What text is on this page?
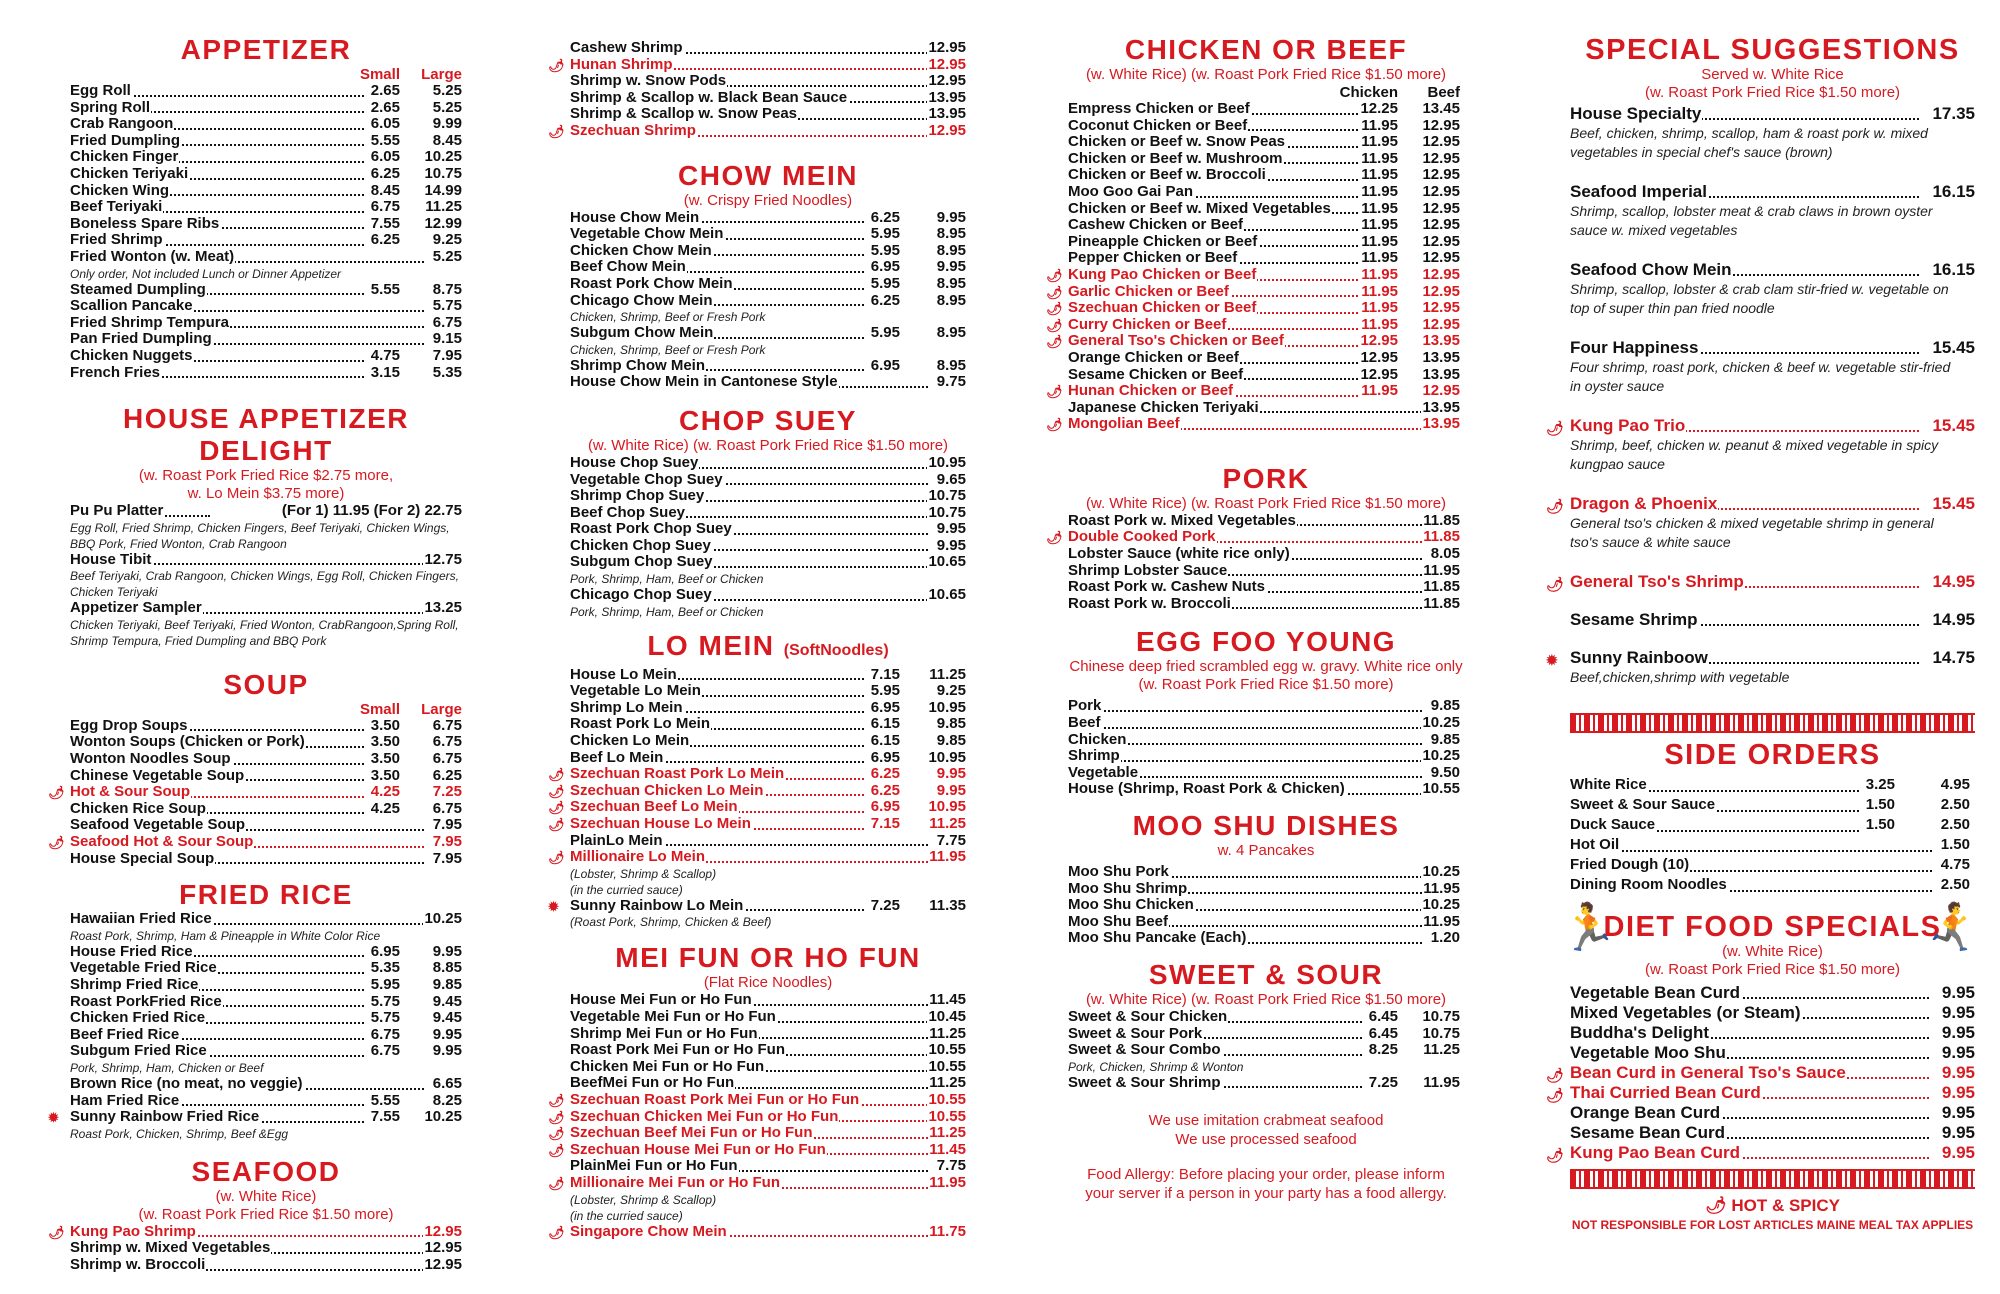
APPETIZER
Small Large
Egg Roll	2.65 5.25
Spring Roll	2.65 5.25
Crab Rangoon	6.05 9.99
Fried Dumpling	5.55 8.45
Chicken Finger	6.05 10.25
Chicken Teriyaki	6.25 10.75
Chicken Wing	8.45 14.99
Beef Teriyaki	6.75 11.25
Boneless Spare Ribs	7.55 12.99
Fried Shrimp	6.25 9.25
Fried Wonton (w. Meat)	5.25
Only order, Not included Lunch or Dinner Appetizer
Steamed Dumpling	5.55 8.75
Scallion Pancake	5.75
Fried Shrimp Tempura	6.75
Pan Fried Dumpling	9.15
Chicken Nuggets	4.75 7.95
French Fries	3.15 5.35
HOUSE APPETIZER DELIGHT
(w. Roast Pork Fried Rice $2.75 more,
w. Lo Mein $3.75 more)
Pu Pu Platter	(For 1) 11.95 (For 2) 22.75
Egg Roll, Fried Shrimp, Chicken Fingers, Beef Teriyaki, Chicken Wings, BBQ Pork, Fried Wonton, Crab Rangoon
House Tibit	12.75
Beef Teriyaki, Crab Rangoon, Chicken Wings, Egg Roll, Chicken Fingers, Chicken Teriyaki
Appetizer Sampler	13.25
Chicken Teriyaki, Beef Teriyaki, Fried Wonton, CrabRangoon,Spring Roll, Shrimp Tempura, Fried Dumpling and BBQ Pork
SOUP
Small Large
Egg Drop Soups	3.50 6.75
Wonton Soups (Chicken or Pork)	3.50 6.75
Wonton Noodles Soup	3.50 6.75
Chinese Vegetable Soup	3.50 6.25
🌶 Hot & Sour Soup	4.25 7.25
Chicken Rice Soup	4.25 6.75
Seafood Vegetable Soup	7.95
🌶 Seafood Hot & Sour Soup	7.95
House Special Soup	7.95
FRIED RICE
Hawaiian Fried Rice	10.25
Roast Pork, Shrimp, Ham & Pineapple in White Color Rice
House Fried Rice	6.95 9.95
Vegetable Fried Rice	5.35 8.85
Shrimp Fried Rice	5.95 9.85
Roast PorkFried Rice	5.75 9.45
Chicken Fried Rice	5.75 9.45
Beef Fried Rice	6.75 9.95
Subgum Fried Rice	6.75 9.95
Pork, Shrimp, Ham, Chicken or Beef
Brown Rice (no meat, no veggie)	6.65
Ham Fried Rice	5.55 8.25
✹ Sunny Rainbow Fried Rice	7.55 10.25
Roast Pork, Chicken, Shrimp, Beef &Egg
SEAFOOD
(w. White Rice)
(w. Roast Pork Fried Rice $1.50 more)
🌶 Kung Pao Shrimp	12.95
Shrimp w. Mixed Vegetables	12.95
Shrimp w. Broccoli	12.95
Cashew Shrimp	12.95
🌶 Hunan Shrimp	12.95
Shrimp w. Snow Pods	12.95
Shrimp & Scallop w. Black Bean Sauce	13.95
Shrimp & Scallop w. Snow Peas	13.95
🌶 Szechuan Shrimp	12.95
CHOW MEIN
(w. Crispy Fried Noodles)
House Chow Mein	6.25 9.95
Vegetable Chow Mein	5.95 8.95
Chicken Chow Mein	5.95 8.95
Beef Chow Mein	6.95 9.95
Roast Pork Chow Mein	5.95 8.95
Chicago Chow Mein	6.25 8.95
Chicken, Shrimp, Beef or Fresh Pork
Subgum Chow Mein	5.95 8.95
Chicken, Shrimp, Beef or Fresh Pork
Shrimp Chow Mein	6.95 8.95
House Chow Mein in Cantonese Style	9.75
CHOP SUEY
(w. White Rice) (w. Roast Pork Fried Rice $1.50 more)
House Chop Suey	10.95
Vegetable Chop Suey	9.65
Shrimp Chop Suey	10.75
Beef Chop Suey	10.75
Roast Pork Chop Suey	9.95
Chicken Chop Suey	9.95
Subgum Chop Suey	10.65
Pork, Shrimp, Ham, Beef or Chicken
Chicago Chop Suey	10.65
Pork, Shrimp, Ham, Beef or Chicken
LO MEIN (SoftNoodles)
House Lo Mein	7.15 11.25
Vegetable Lo Mein	5.95 9.25
Shrimp Lo Mein	6.95 10.95
Roast Pork Lo Mein	6.15 9.85
Chicken Lo Mein	6.15 9.85
Beef Lo Mein	6.95 10.95
🌶 Szechuan Roast Pork Lo Mein	6.25 9.95
🌶 Szechuan Chicken Lo Mein	6.25 9.95
🌶 Szechuan Beef Lo Mein	6.95 10.95
🌶 Szechuan House Lo Mein	7.15 11.25
PlainLo Mein	7.75
🌶 Millionaire Lo Mein	11.95
(Lobster, Shrimp & Scallop)
(in the curried sauce)
✹ Sunny Rainbow Lo Mein	7.25 11.35
(Roast Pork, Shrimp, Chicken & Beef)
MEI FUN OR HO FUN
(Flat Rice Noodles)
House Mei Fun or Ho Fun	11.45
Vegetable Mei Fun or Ho Fun	10.45
Shrimp Mei Fun or Ho Fun	11.25
Roast Pork Mei Fun or Ho Fun	10.55
Chicken Mei Fun or Ho Fun	10.55
BeefMei Fun or Ho Fun	11.25
🌶 Szechuan Roast Pork Mei Fun or Ho Fun	10.55
🌶 Szechuan Chicken Mei Fun or Ho Fun	10.55
🌶 Szechuan Beef Mei Fun or Ho Fun	11.25
🌶 Szechuan House Mei Fun or Ho Fun	11.45
PlainMei Fun or Ho Fun	7.75
🌶 Millionaire Mei Fun or Ho Fun	11.95
(Lobster, Shrimp & Scallop)
(in the curried sauce)
🌶 Singapore Chow Mein	11.75
CHICKEN OR BEEF
(w. White Rice) (w. Roast Pork Fried Rice $1.50 more)
Chicken Beef
Empress Chicken or Beef	12.25 13.45
Coconut Chicken or Beef	11.95 12.95
Chicken or Beef w. Snow Peas	11.95 12.95
Chicken or Beef w. Mushroom	11.95 12.95
Chicken or Beef w. Broccoli	11.95 12.95
Moo Goo Gai Pan	11.95 12.95
Chicken or Beef w. Mixed Vegetables 11.95 12.95
Cashew Chicken or Beef	11.95 12.95
Pineapple Chicken or Beef	11.95 12.95
Pepper Chicken or Beef	11.95 12.95
🌶 Kung Pao Chicken or Beef	11.95 12.95
🌶 Garlic Chicken or Beef	11.95 12.95
🌶 Szechuan Chicken or Beef	11.95 12.95
🌶 Curry Chicken or Beef	11.95 12.95
🌶 General Tso's Chicken or Beef	12.95 13.95
Orange Chicken or Beef	12.95 13.95
Sesame Chicken or Beef	12.95 13.95
🌶 Hunan Chicken or Beef	11.95 12.95
Japanese Chicken Teriyaki	13.95
🌶 Mongolian Beef	13.95
PORK
(w. White Rice) (w. Roast Pork Fried Rice $1.50 more)
Roast Pork w. Mixed Vegetables	11.85
🌶 Double Cooked Pork	11.85
Lobster Sauce (white rice only)	8.05
Shrimp Lobster Sauce	11.95
Roast Pork w. Cashew Nuts	11.85
Roast Pork w. Broccoli	11.85
EGG FOO YOUNG
Chinese deep fried scrambled egg w. gravy. White rice only
(w. Roast Pork Fried Rice $1.50 more)
Pork	9.85
Beef	10.25
Chicken	9.85
Shrimp	10.25
Vegetable	9.50
House (Shrimp, Roast Pork & Chicken)	10.55
MOO SHU DISHES
w. 4 Pancakes
Moo Shu Pork	10.25
Moo Shu Shrimp	11.95
Moo Shu Chicken	10.25
Moo Shu Beef	11.95
Moo Shu Pancake (Each)	1.20
SWEET & SOUR
(w. White Rice) (w. Roast Pork Fried Rice $1.50 more)
Sweet & Sour Chicken	6.45 10.75
Sweet & Sour Pork	6.45 10.75
Sweet & Sour Combo	8.25 11.25
Pork, Chicken, Shrimp & Wonton
Sweet & Sour Shrimp	7.25 11.95
We use imitation crabmeat seafood
We use processed seafood
Food Allergy: Before placing your order, please inform
your server if a person in your party has a food allergy.
SPECIAL SUGGESTIONS
Served w. White Rice
(w. Roast Pork Fried Rice $1.50 more)
House Specialty	17.35
Beef, chicken, shrimp, scallop, ham & roast pork w. mixed vegetables in special chef's sauce (brown)
Seafood Imperial	16.15
Shrimp, scallop, lobster meat & crab claws in brown oyster sauce w. mixed vegetables
Seafood Chow Mein	16.15
Shrimp, scallop, lobster & crab clam stir-fried w. vegetable on top of super thin pan fried noodle
Four Happiness	15.45
Four shrimp, roast pork, chicken & beef w. vegetable stir-fried in oyster sauce
🌶 Kung Pao Trio	15.45
Shrimp, beef, chicken w. peanut & mixed vegetable in spicy kungpao sauce
🌶 Dragon & Phoenix	15.45
General tso's chicken & mixed vegetable shrimp in general tso's sauce & white sauce
🌶 General Tso's Shrimp	14.95
Sesame Shrimp	14.95
✹ Sunny Rainboow	14.75
Beef,chicken,shrimp with vegetable
SIDE ORDERS
White Rice	3.25	4.95
Sweet & Sour Sauce	1.50	2.50
Duck Sauce	1.50	2.50
Hot Oil	1.50
Fried Dough (10)	4.75
Dining Room Noodles	2.50
🏃	🏃
DIET FOOD SPECIALS
(w. White Rice)
(w. Roast Pork Fried Rice $1.50 more)
Vegetable Bean Curd	9.95
Mixed Vegetables (or Steam)	9.95
Buddha's Delight	9.95
Vegetable Moo Shu	9.95
🌶 Bean Curd in General Tso's Sauce	9.95
🌶 Thai Curried Bean Curd	9.95
Orange Bean Curd	9.95
Sesame Bean Curd	9.95
🌶 Kung Pao Bean Curd	9.95
🌶 HOT & SPICY
NOT RESPONSIBLE FOR LOST ARTICLES MAINE MEAL TAX APPLIES
